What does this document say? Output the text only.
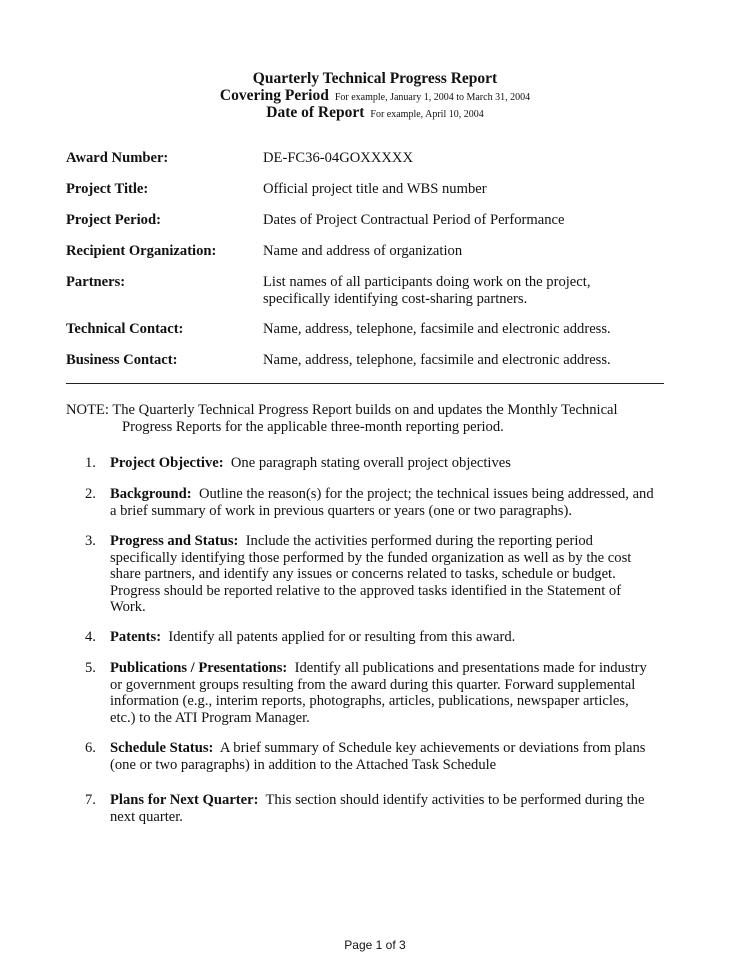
Quarterly Technical Progress Report
Covering Period For example, January 1, 2004 to March 31, 2004
Date of Report For example, April 10, 2004
Award Number:	DE-FC36-04GOXXXXX
Project Title:	Official project title and WBS number
Project Period:	Dates of Project Contractual Period of Performance
Recipient Organization:	Name and address of organization
Partners:	List names of all participants doing work on the project,
specifically identifying cost-sharing partners.
Technical Contact:	Name, address, telephone, facsimile and electronic address.
Business Contact:	Name, address, telephone, facsimile and electronic address.
NOTE: The Quarterly Technical Progress Report builds on and updates the Monthly Technical
Progress Reports for the applicable three-month reporting period.
1. Project Objective: One paragraph stating overall project objectives
2. Background: Outline the reason(s) for the project; the technical issues being addressed, and
a brief summary of work in previous quarters or years (one or two paragraphs).
3. Progress and Status: Include the activities performed during the reporting period
specifically identifying those performed by the funded organization as well as by the cost
share partners, and identify any issues or concerns related to tasks, schedule or budget.
Progress should be reported relative to the approved tasks identified in the Statement of
Work.
4. Patents: Identify all patents applied for or resulting from this award.
5. Publications / Presentations: Identify all publications and presentations made for industry
or government groups resulting from the award during this quarter. Forward supplemental
information (e.g., interim reports, photographs, articles, publications, newspaper articles,
etc.) to the ATI Program Manager.
6. Schedule Status: A brief summary of Schedule key achievements or deviations from plans
(one or two paragraphs) in addition to the Attached Task Schedule
7. Plans for Next Quarter: This section should identify activities to be performed during the
next quarter.
Page 1 of 3
